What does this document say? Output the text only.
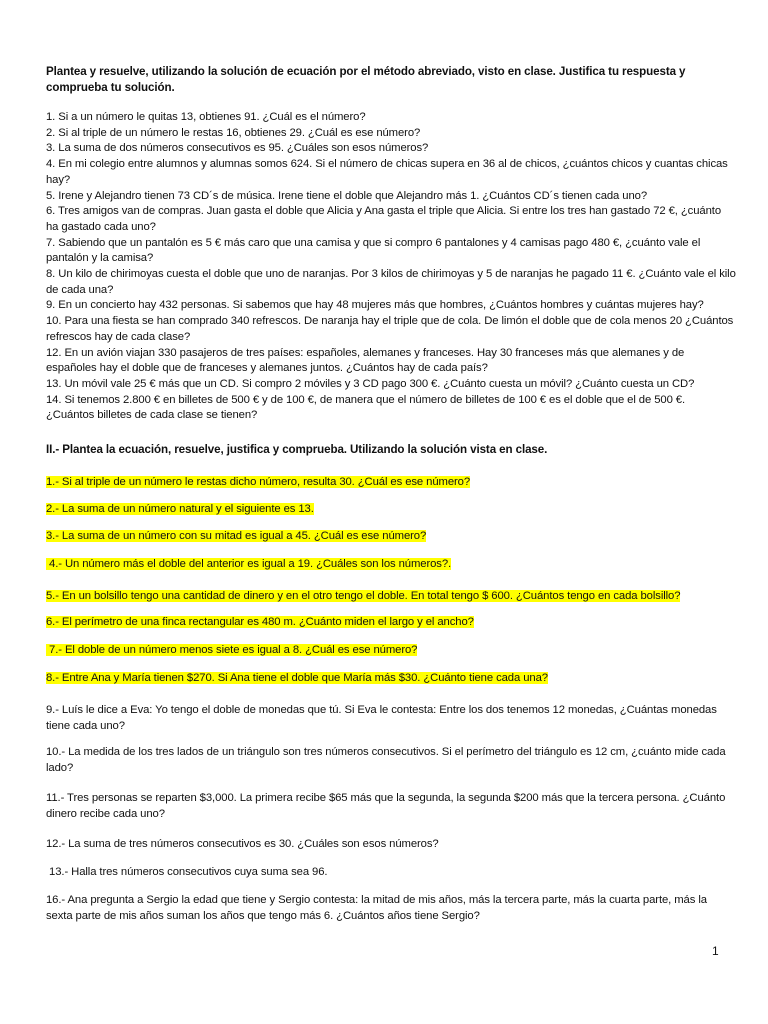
Plantea y resuelve, utilizando la solución de ecuación por el método abreviado, visto en clase. Justifica tu respuesta y comprueba tu solución.
1. Si a un número le quitas 13, obtienes 91. ¿Cuál es el número?
2. Si al triple de un número le restas 16, obtienes 29. ¿Cuál es ese número?
3. La suma de dos números consecutivos es 95. ¿Cuáles son esos números?
4. En mi colegio entre alumnos y alumnas somos 624. Si el número de chicas supera en 36 al de chicos, ¿cuántos chicos y cuantas chicas hay?
5. Irene y Alejandro tienen 73 CD´s de música. Irene tiene el doble que Alejandro más 1. ¿Cuántos CD´s tienen cada uno?
6. Tres amigos van de compras. Juan gasta el doble que Alicia y Ana gasta el triple que Alicia. Si entre los tres han gastado 72 €, ¿cuánto ha gastado cada uno?
7. Sabiendo que un pantalón es 5 € más caro que una camisa y que si compro 6 pantalones y 4 camisas pago 480 €, ¿cuánto vale el pantalón y la camisa?
8. Un kilo de chirimoyas cuesta el doble que uno de naranjas. Por 3 kilos de chirimoyas y 5 de naranjas he pagado 11 €. ¿Cuánto vale el kilo de cada una?
9. En un concierto hay 432 personas. Si sabemos que hay 48 mujeres más que hombres, ¿Cuántos hombres y cuántas mujeres hay?
10. Para una fiesta se han comprado 340 refrescos. De naranja hay el triple que de cola. De limón el doble que de cola menos 20 ¿Cuántos refrescos hay de cada clase?
12. En un avión viajan 330 pasajeros de tres países: españoles, alemanes y franceses. Hay 30 franceses más que alemanes y de españoles hay el doble que de franceses y alemanes juntos. ¿Cuántos hay de cada país?
13. Un móvil vale 25 € más que un CD. Si compro 2 móviles y 3 CD pago 300 €. ¿Cuánto cuesta un móvil? ¿Cuánto cuesta un CD?
14. Si tenemos 2.800 € en billetes de 500 € y de 100 €, de manera que el número de billetes de 100 € es el doble que el de 500 €. ¿Cuántos billetes de cada clase se tienen?
II.- Plantea la ecuación, resuelve, justifica y comprueba. Utilizando la solución vista en clase.
1.- Si al triple de un número le restas dicho número, resulta 30. ¿Cuál es ese número?
2.- La suma de un número natural y el siguiente es 13.
3.- La suma de un número con su mitad es igual a 45. ¿Cuál es ese número?
4.- Un número más el doble del anterior es igual a 19. ¿Cuáles son los números?.
5.- En un bolsillo tengo una cantidad de dinero y en el otro tengo el doble. En total tengo $ 600. ¿Cuántos tengo en cada bolsillo?
6.- El perímetro de una finca rectangular es 480 m. ¿Cuánto miden el largo y el ancho?
7.- El doble de un número menos siete es igual a 8. ¿Cuál es ese número?
8.- Entre Ana y María tienen $270. Si Ana tiene el doble que María más $30. ¿Cuánto tiene cada una?
9.- Luís le dice a Eva: Yo tengo el doble de monedas que tú. Si Eva le contesta: Entre los dos tenemos 12 monedas, ¿Cuántas monedas tiene cada uno?
10.- La medida de los tres lados de un triángulo son tres números consecutivos. Si el perímetro del triángulo es 12 cm, ¿cuánto mide cada lado?
11.- Tres personas se reparten $3,000. La primera recibe $65 más que la segunda, la segunda $200 más que la tercera persona. ¿Cuánto dinero recibe cada uno?
12.- La suma de tres números consecutivos es 30. ¿Cuáles son esos números?
13.- Halla tres números consecutivos cuya suma sea 96.
16.- Ana pregunta a Sergio la edad que tiene y Sergio contesta: la mitad de mis años, más la tercera parte, más la cuarta parte, más la sexta parte de mis años suman los años que tengo más 6. ¿Cuántos años tiene Sergio?
1
